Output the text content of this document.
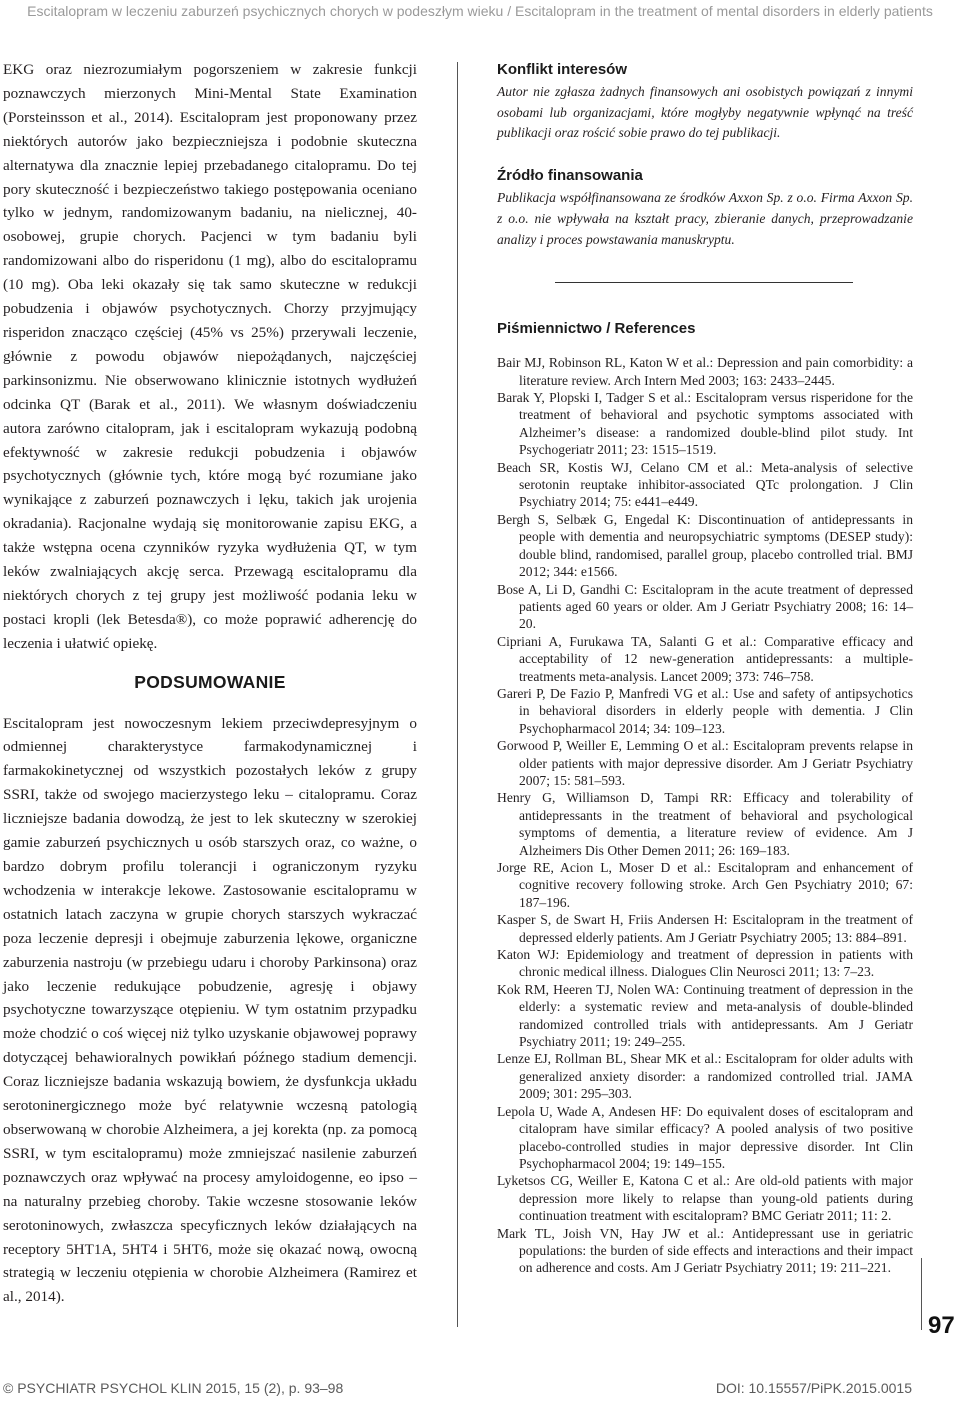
Escitalopram w leczeniu zaburzeń psychicznych chorych w podeszłym wieku / Escitalopram in the treatment of mental disorders in elderly patients

EKG oraz niezrozumiałym pogorszeniem w zakresie funkcji poznawczych mierzonych Mini-Mental State Examination (Porsteinsson et al., 2014). Escitalopram jest proponowany przez niektórych autorów jako bezpieczniejsza i podobnie skuteczna alternatywa dla znacznie lepiej przebadanego citalopramu. Do tej pory skuteczność i bezpieczeństwo takiego postępowania oceniano tylko w jednym, randomizowanym badaniu, na nielicznej, 40-osobowej, grupie chorych. Pacjenci w tym badaniu byli randomizowani albo do risperidonu (1 mg), albo do escitalopramu (10 mg). Oba leki okazały się tak samo skuteczne w redukcji pobudzenia i objawów psychotycznych. Chorzy przyjmujący risperidon znacząco częściej (45% vs 25%) przerywali leczenie, głównie z powodu objawów niepożądanych, najczęściej parkinsonizmu. Nie obserwowano klinicznie istotnych wydłużeń odcinka QT (Barak et al., 2011). We własnym doświadczeniu autora zarówno citalopram, jak i escitalopram wykazują podobną efektywność w zakresie redukcji pobudzenia i objawów psychotycznych (głównie tych, które mogą być rozumiane jako wynikające z zaburzeń poznawczych i lęku, takich jak urojenia okradania). Racjonalne wydają się monitorowanie zapisu EKG, a także wstępna ocena czynników ryzyka wydłużenia QT, w tym leków zwalniających akcję serca. Przewagą escitalopramu dla niektórych chorych z tej grupy jest możliwość podania leku w postaci kropli (lek Betesda®), co może poprawić adherencję do leczenia i ułatwić opiekę.

PODSUMOWANIE

Escitalopram jest nowoczesnym lekiem przeciwdepresyjnym o odmiennej charakterystyce farmakodynamicznej i farmakokinetycznej od wszystkich pozostałych leków z grupy SSRI, także od swojego macierzystego leku – citalopramu. Coraz liczniejsze badania dowodzą, że jest to lek skuteczny w szerokiej gamie zaburzeń psychicznych u osób starszych oraz, co ważne, o bardzo dobrym profilu tolerancji i ograniczonym ryzyku wchodzenia w interakcje lekowe. Zastosowanie escitalopramu w ostatnich latach zaczyna w grupie chorych starszych wykraczać poza leczenie depresji i obejmuje zaburzenia lękowe, organiczne zaburzenia nastroju (w przebiegu udaru i choroby Parkinsona) oraz jako leczenie redukujące pobudzenie, agresję i objawy psychotyczne towarzyszące otępieniu. W tym ostatnim przypadku może chodzić o coś więcej niż tylko uzyskanie objawowej poprawy dotyczącej behawioralnych powikłań późnego stadium demencji. Coraz liczniejsze badania wskazują bowiem, że dysfunkcja układu serotoninergicznego może być relatywnie wczesną patologią obserwowaną w chorobie Alzheimera, a jej korekta (np. za pomocą SSRI, w tym escitalopramu) może zmniejszać nasilenie zaburzeń poznawczych oraz wpływać na procesy amyloidogenne, eo ipso – na naturalny przebieg choroby. Takie wczesne stosowanie leków serotoninowych, zwłaszcza specyficznych leków działających na receptory 5HT1A, 5HT4 i 5HT6, może się okazać nową, owocną strategią w leczeniu otępienia w chorobie Alzheimera (Ramirez et al., 2014).

Konflikt interesów

Autor nie zgłasza żadnych finansowych ani osobistych powiązań z innymi osobami lub organizacjami, które mogłyby negatywnie wpłynąć na treść publikacji oraz rościć sobie prawo do tej publikacji.

Źródło finansowania

Publikacja współfinansowana ze środków Axxon Sp. z o.o. Firma Axxon Sp. z o.o. nie wpływała na kształt pracy, zbieranie danych, przeprowadzanie analizy i proces powstawania manuskryptu.

Piśmiennictwo / References
Bair MJ, Robinson RL, Katon W et al.: Depression and pain comorbidity: a literature review. Arch Intern Med 2003; 163: 2433–2445.
Barak Y, Plopski I, Tadger S et al.: Escitalopram versus risperidone for the treatment of behavioral and psychotic symptoms associated with Alzheimer’s disease: a randomized double-blind pilot study. Int Psychogeriatr 2011; 23: 1515–1519.
Beach SR, Kostis WJ, Celano CM et al.: Meta-analysis of selective serotonin reuptake inhibitor-associated QTc prolongation. J Clin Psychiatry 2014; 75: e441–e449.
Bergh S, Selbæk G, Engedal K: Discontinuation of antidepressants in people with dementia and neuropsychiatric symptoms (DESEP study): double blind, randomised, parallel group, placebo controlled trial. BMJ 2012; 344: e1566.
Bose A, Li D, Gandhi C: Escitalopram in the acute treatment of depressed patients aged 60 years or older. Am J Geriatr Psychiatry 2008; 16: 14–20.
Cipriani A, Furukawa TA, Salanti G et al.: Comparative efficacy and acceptability of 12 new-generation antidepressants: a multiple-treatments meta-analysis. Lancet 2009; 373: 746–758.
Gareri P, De Fazio P, Manfredi VG et al.: Use and safety of antipsychotics in behavioral disorders in elderly people with dementia. J Clin Psychopharmacol 2014; 34: 109–123.
Gorwood P, Weiller E, Lemming O et al.: Escitalopram prevents relapse in older patients with major depressive disorder. Am J Geriatr Psychiatry 2007; 15: 581–593.
Henry G, Williamson D, Tampi RR: Efficacy and tolerability of antidepressants in the treatment of behavioral and psychological symptoms of dementia, a literature review of evidence. Am J Alzheimers Dis Other Demen 2011; 26: 169–183.
Jorge RE, Acion L, Moser D et al.: Escitalopram and enhancement of cognitive recovery following stroke. Arch Gen Psychiatry 2010; 67: 187–196.
Kasper S, de Swart H, Friis Andersen H: Escitalopram in the treatment of depressed elderly patients. Am J Geriatr Psychiatry 2005; 13: 884–891.
Katon WJ: Epidemiology and treatment of depression in patients with chronic medical illness. Dialogues Clin Neurosci 2011; 13: 7–23.
Kok RM, Heeren TJ, Nolen WA: Continuing treatment of depression in the elderly: a systematic review and meta-analysis of double-blinded randomized controlled trials with antidepressants. Am J Geriatr Psychiatry 2011; 19: 249–255.
Lenze EJ, Rollman BL, Shear MK et al.: Escitalopram for older adults with generalized anxiety disorder: a randomized controlled trial. JAMA 2009; 301: 295–303.
Lepola U, Wade A, Andesen HF: Do equivalent doses of escitalopram and citalopram have similar efficacy? A pooled analysis of two positive placebo-controlled studies in major depressive disorder. Int Clin Psychopharmacol 2004; 19: 149–155.
Lyketsos CG, Weiller E, Katona C et al.: Are old-old patients with major depression more likely to relapse than young-old patients during continuation treatment with escitalopram? BMC Geriatr 2011; 11: 2.
Mark TL, Joish VN, Hay JW et al.: Antidepressant use in geriatric populations: the burden of side effects and interactions and their impact on adherence and costs. Am J Geriatr Psychiatry 2011; 19: 211–221.
97
© PSYCHIATR PSYCHOL KLIN 2015, 15 (2), p. 93–98	DOI: 10.15557/PiPK.2015.0015
